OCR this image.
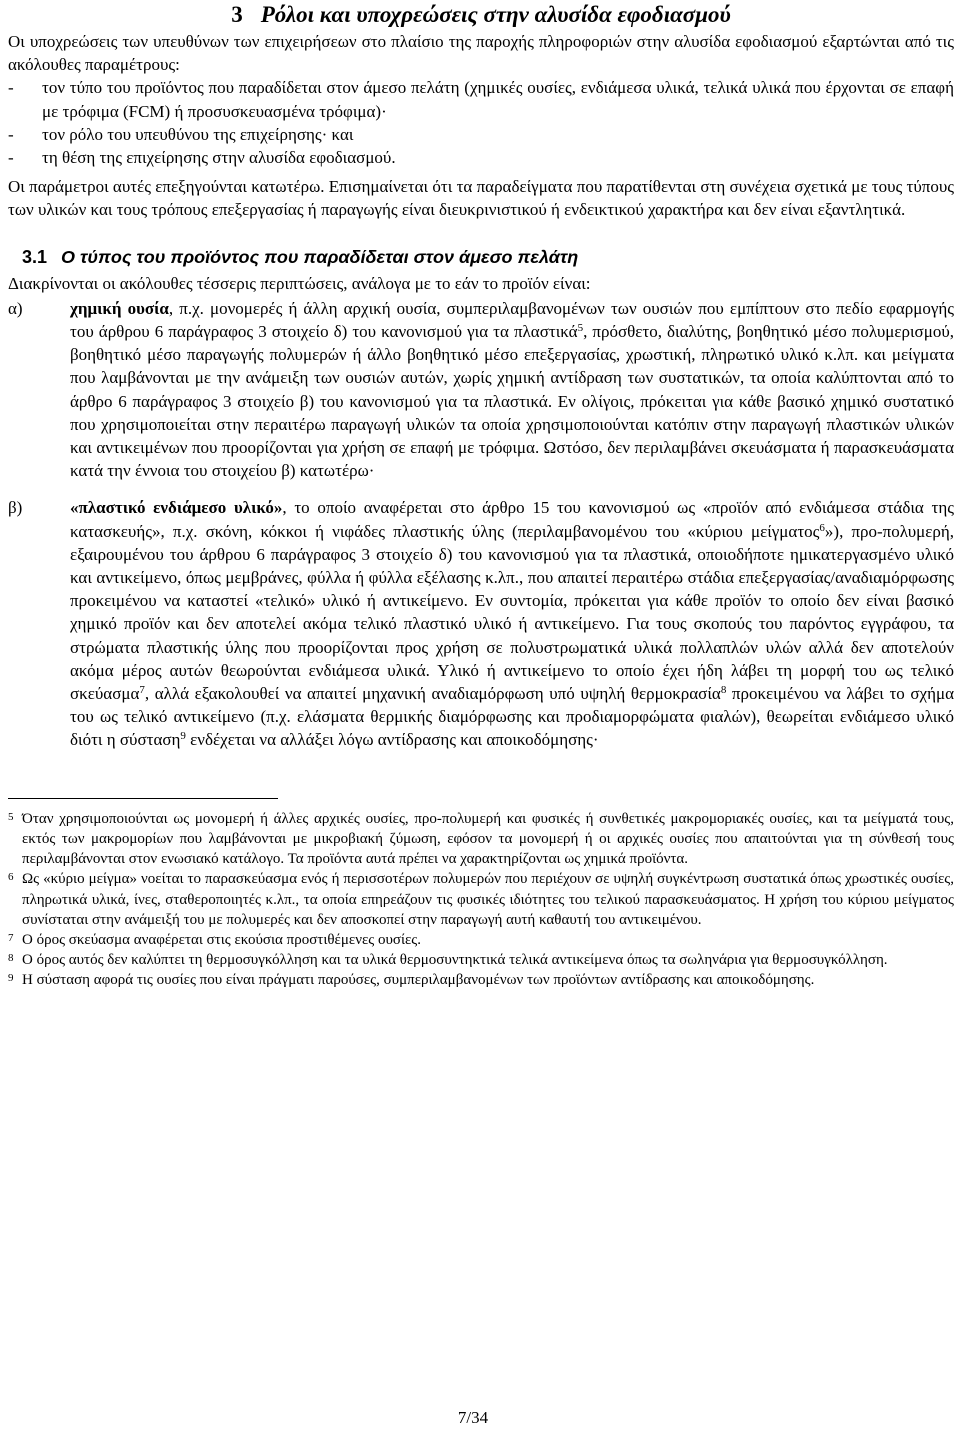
3 Ρόλοι και υποχρεώσεις στην αλυσίδα εφοδιασμού

Οι υποχρεώσεις των υπευθύνων των επιχειρήσεων στο πλαίσιο της παροχής πληροφοριών στην αλυσίδα εφοδιασμού εξαρτώνται από τις ακόλουθες παραμέτρους:

- τον τύπο του προϊόντος που παραδίδεται στον άμεσο πελάτη (χημικές ουσίες, ενδιάμεσα υλικά, τελικά υλικά που έρχονται σε επαφή με τρόφιμα (FCM) ή προσυσκευασμένα τρόφιμα)·
- τον ρόλο του υπευθύνου της επιχείρησης· και
- τη θέση της επιχείρησης στην αλυσίδα εφοδιασμού.

Οι παράμετροι αυτές επεξηγούνται κατωτέρω. Επισημαίνεται ότι τα παραδείγματα που παρατίθενται στη συνέχεια σχετικά με τους τύπους των υλικών και τους τρόπους επεξεργασίας ή παραγωγής είναι διευκρινιστικού ή ενδεικτικού χαρακτήρα και δεν είναι εξαντλητικά.

3.1 Ο τύπος του προϊόντος που παραδίδεται στον άμεσο πελάτη

Διακρίνονται οι ακόλουθες τέσσερις περιπτώσεις, ανάλογα με το εάν το προϊόν είναι:

α)	χημική ουσία, π.χ. μονομερές ή άλλη αρχική ουσία, συμπεριλαμβανομένων των ουσιών που εμπίπτουν στο πεδίο εφαρμογής του άρθρου 6 παράγραφος 3 στοιχείο δ) του κανονισμού για τα πλαστικά$^5$, πρόσθετο, διαλύτης, βοηθητικό μέσο πολυμερισμού, βοηθητικό μέσο παραγωγής πολυμερών ή άλλο βοηθητικό μέσο επεξεργασίας, χρωστική, πληρωτικό υλικό κ.λπ. και μείγματα που λαμβάνονται με την ανάμειξη των ουσιών αυτών, χωρίς χημική αντίδραση των συστατικών, τα οποία καλύπτονται από το άρθρο 6 παράγραφος 3 στοιχείο β) του κανονισμού για τα πλαστικά. Εν ολίγοις, πρόκειται για κάθε βασικό χημικό συστατικό που χρησιμοποιείται στην περαιτέρω παραγωγή υλικών τα οποία χρησιμοποιούνται κατόπιν στην παραγωγή πλαστικών υλικών και αντικειμένων που προορίζονται για χρήση σε επαφή με τρόφιμα. Ωστόσο, δεν περιλαμβάνει σκευάσματα ή παρασκευάσματα κατά την έννοια του στοιχείου β) κατωτέρω·
β)	«πλαστικό ενδιάμεσο υλικό», το οποίο αναφέρεται στο άρθρο 15 του κανονισμού ως «προϊόν από ενδιάμεσα στάδια της κατασκευής», π.χ. σκόνη, κόκκοι ή νιφάδες πλαστικής ύλης (περιλαμβανομένου του «κύριου μείγματος$^6$»), προ-πολυμερή, εξαιρουμένου του άρθρου 6 παράγραφος 3 στοιχείο δ) του κανονισμού για τα πλαστικά, οποιοδήποτε ημικατεργασμένο υλικό και αντικείμενο, όπως μεμβράνες, φύλλα ή φύλλα εξέλασης κ.λπ., που απαιτεί περαιτέρω στάδια επεξεργασίας/αναδιαμόρφωσης προκειμένου να καταστεί «τελικό» υλικό ή αντικείμενο. Εν συντομία, πρόκειται για κάθε προϊόν το οποίο δεν είναι βασικό χημικό προϊόν και δεν αποτελεί ακόμα τελικό πλαστικό υλικό ή αντικείμενο. Για τους σκοπούς του παρόντος εγγράφου, τα στρώματα πλαστικής ύλης που προορίζονται προς χρήση σε πολυστρωματικά υλικά πολλαπλών υλών αλλά δεν αποτελούν ακόμα μέρος αυτών θεωρούνται ενδιάμεσα υλικά. Υλικό ή αντικείμενο το οποίο έχει ήδη λάβει τη μορφή του ως τελικό σκεύασμα$^7$, αλλά εξακολουθεί να απαιτεί μηχανική αναδιαμόρφωση υπό υψηλή θερμοκρασία$^8$ προκειμένου να λάβει το σχήμα του ως τελικό αντικείμενο (π.χ. ελάσματα θερμικής διαμόρφωσης και προδιαμορφώματα φιαλών), θεωρείται ενδιάμεσο υλικό διότι η σύσταση$^9$ ενδέχεται να αλλάξει λόγω αντίδρασης και αποικοδόμησης·
5 Όταν χρησιμοποιούνται ως μονομερή ή άλλες αρχικές ουσίες, προ-πολυμερή και φυσικές ή συνθετικές μακρομοριακές ουσίες, και τα μείγματά τους, εκτός των μακρομορίων που λαμβάνονται με μικροβιακή ζύμωση, εφόσον τα μονομερή ή οι αρχικές ουσίες που απαιτούνται για τη σύνθεσή τους περιλαμβάνονται στον ενωσιακό κατάλογο. Τα προϊόντα αυτά πρέπει να χαρακτηρίζονται ως χημικά προϊόντα.
6 Ως «κύριο μείγμα» νοείται το παρασκεύασμα ενός ή περισσοτέρων πολυμερών που περιέχουν σε υψηλή συγκέντρωση συστατικά όπως χρωστικές ουσίες, πληρωτικά υλικά, ίνες, σταθεροποιητές κ.λπ., τα οποία επηρεάζουν τις φυσικές ιδιότητες του τελικού παρασκευάσματος. Η χρήση του κύριου μείγματος συνίσταται στην ανάμειξή του με πολυμερές και δεν αποσκοπεί στην παραγωγή αυτή καθαυτή του αντικειμένου.
7 Ο όρος σκεύασμα αναφέρεται στις εκούσια προστιθέμενες ουσίες.
8 Ο όρος αυτός δεν καλύπτει τη θερμοσυγκόλληση και τα υλικά θερμοσυντηκτικά τελικά αντικείμενα όπως τα σωληνάρια για θερμοσυγκόλληση.
9 Η σύσταση αφορά τις ουσίες που είναι πράγματι παρούσες, συμπεριλαμβανομένων των προϊόντων αντίδρασης και αποικοδόμησης.
7/34
